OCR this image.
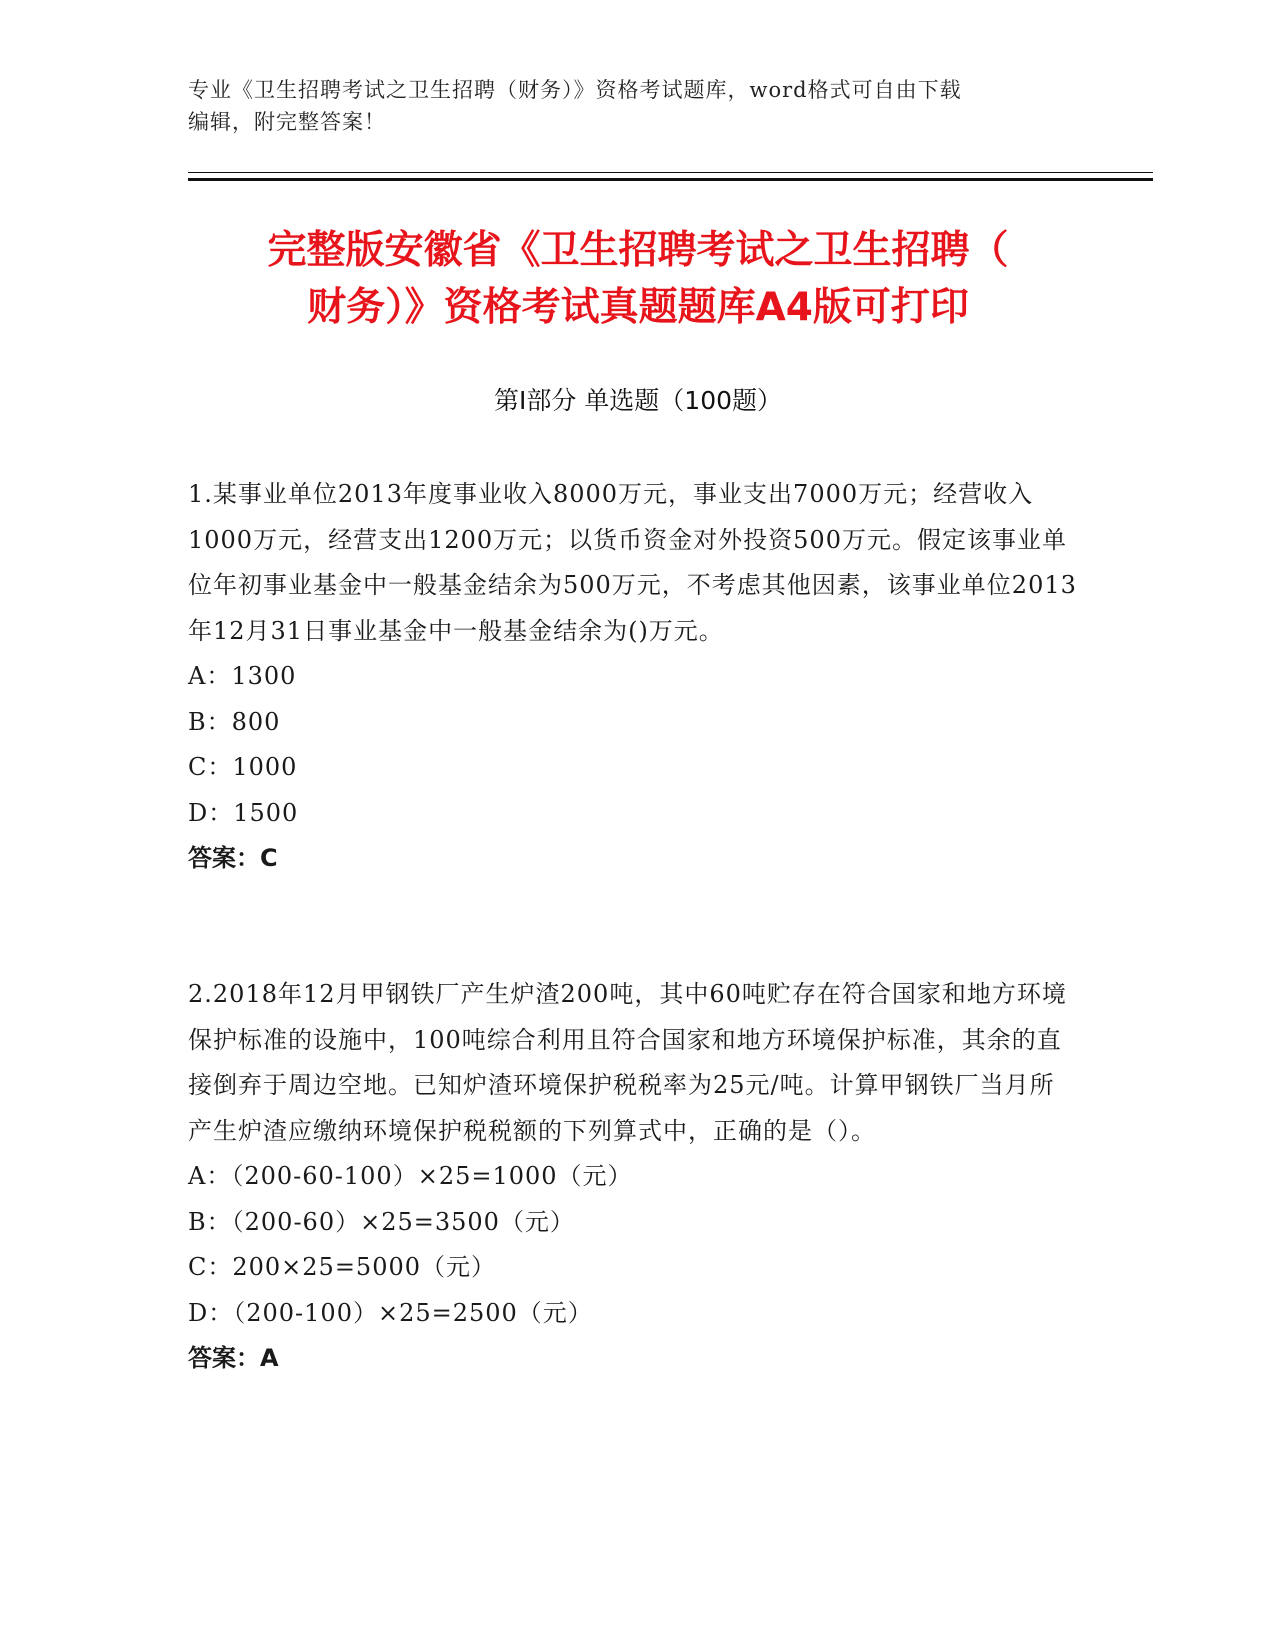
专业《卫生招聘考试之卫生招聘（财务）》资格考试题库，word格式可自由下载

编辑，附完整答案！

完整版安徽省《卫生招聘考试之卫生招聘（

财务）》资格考试真题题库A4版可打印

第Ⅰ部分 单选题（100题）

1.某事业单位2013年度事业收入8000万元，事业支出7000万元；经营收入1000万元，经营支出1200万元；以货币资金对外投资500万元。假定该事业单位年初事业基金中一般基金结余为500万元，不考虑其他因素，该事业单位2013年12月31日事业基金中一般基金结余为()万元。

A：1300

B：800

C：1000

D：1500

答案：C

2.2018年12月甲钢铁厂产生炉渣200吨，其中60吨贮存在符合国家和地方环境保护标准的设施中，100吨综合利用且符合国家和地方环境保护标准，其余的直接倒弃于周边空地。已知炉渣环境保护税税率为25元/吨。计算甲钢铁厂当月所产生炉渣应缴纳环境保护税税额的下列算式中，正确的是（）。

A：（200-60-100）×25=1000（元）

B：（200-60）×25=3500（元）

C：200×25=5000（元）

D：（200-100）×25=2500（元）

答案：A
